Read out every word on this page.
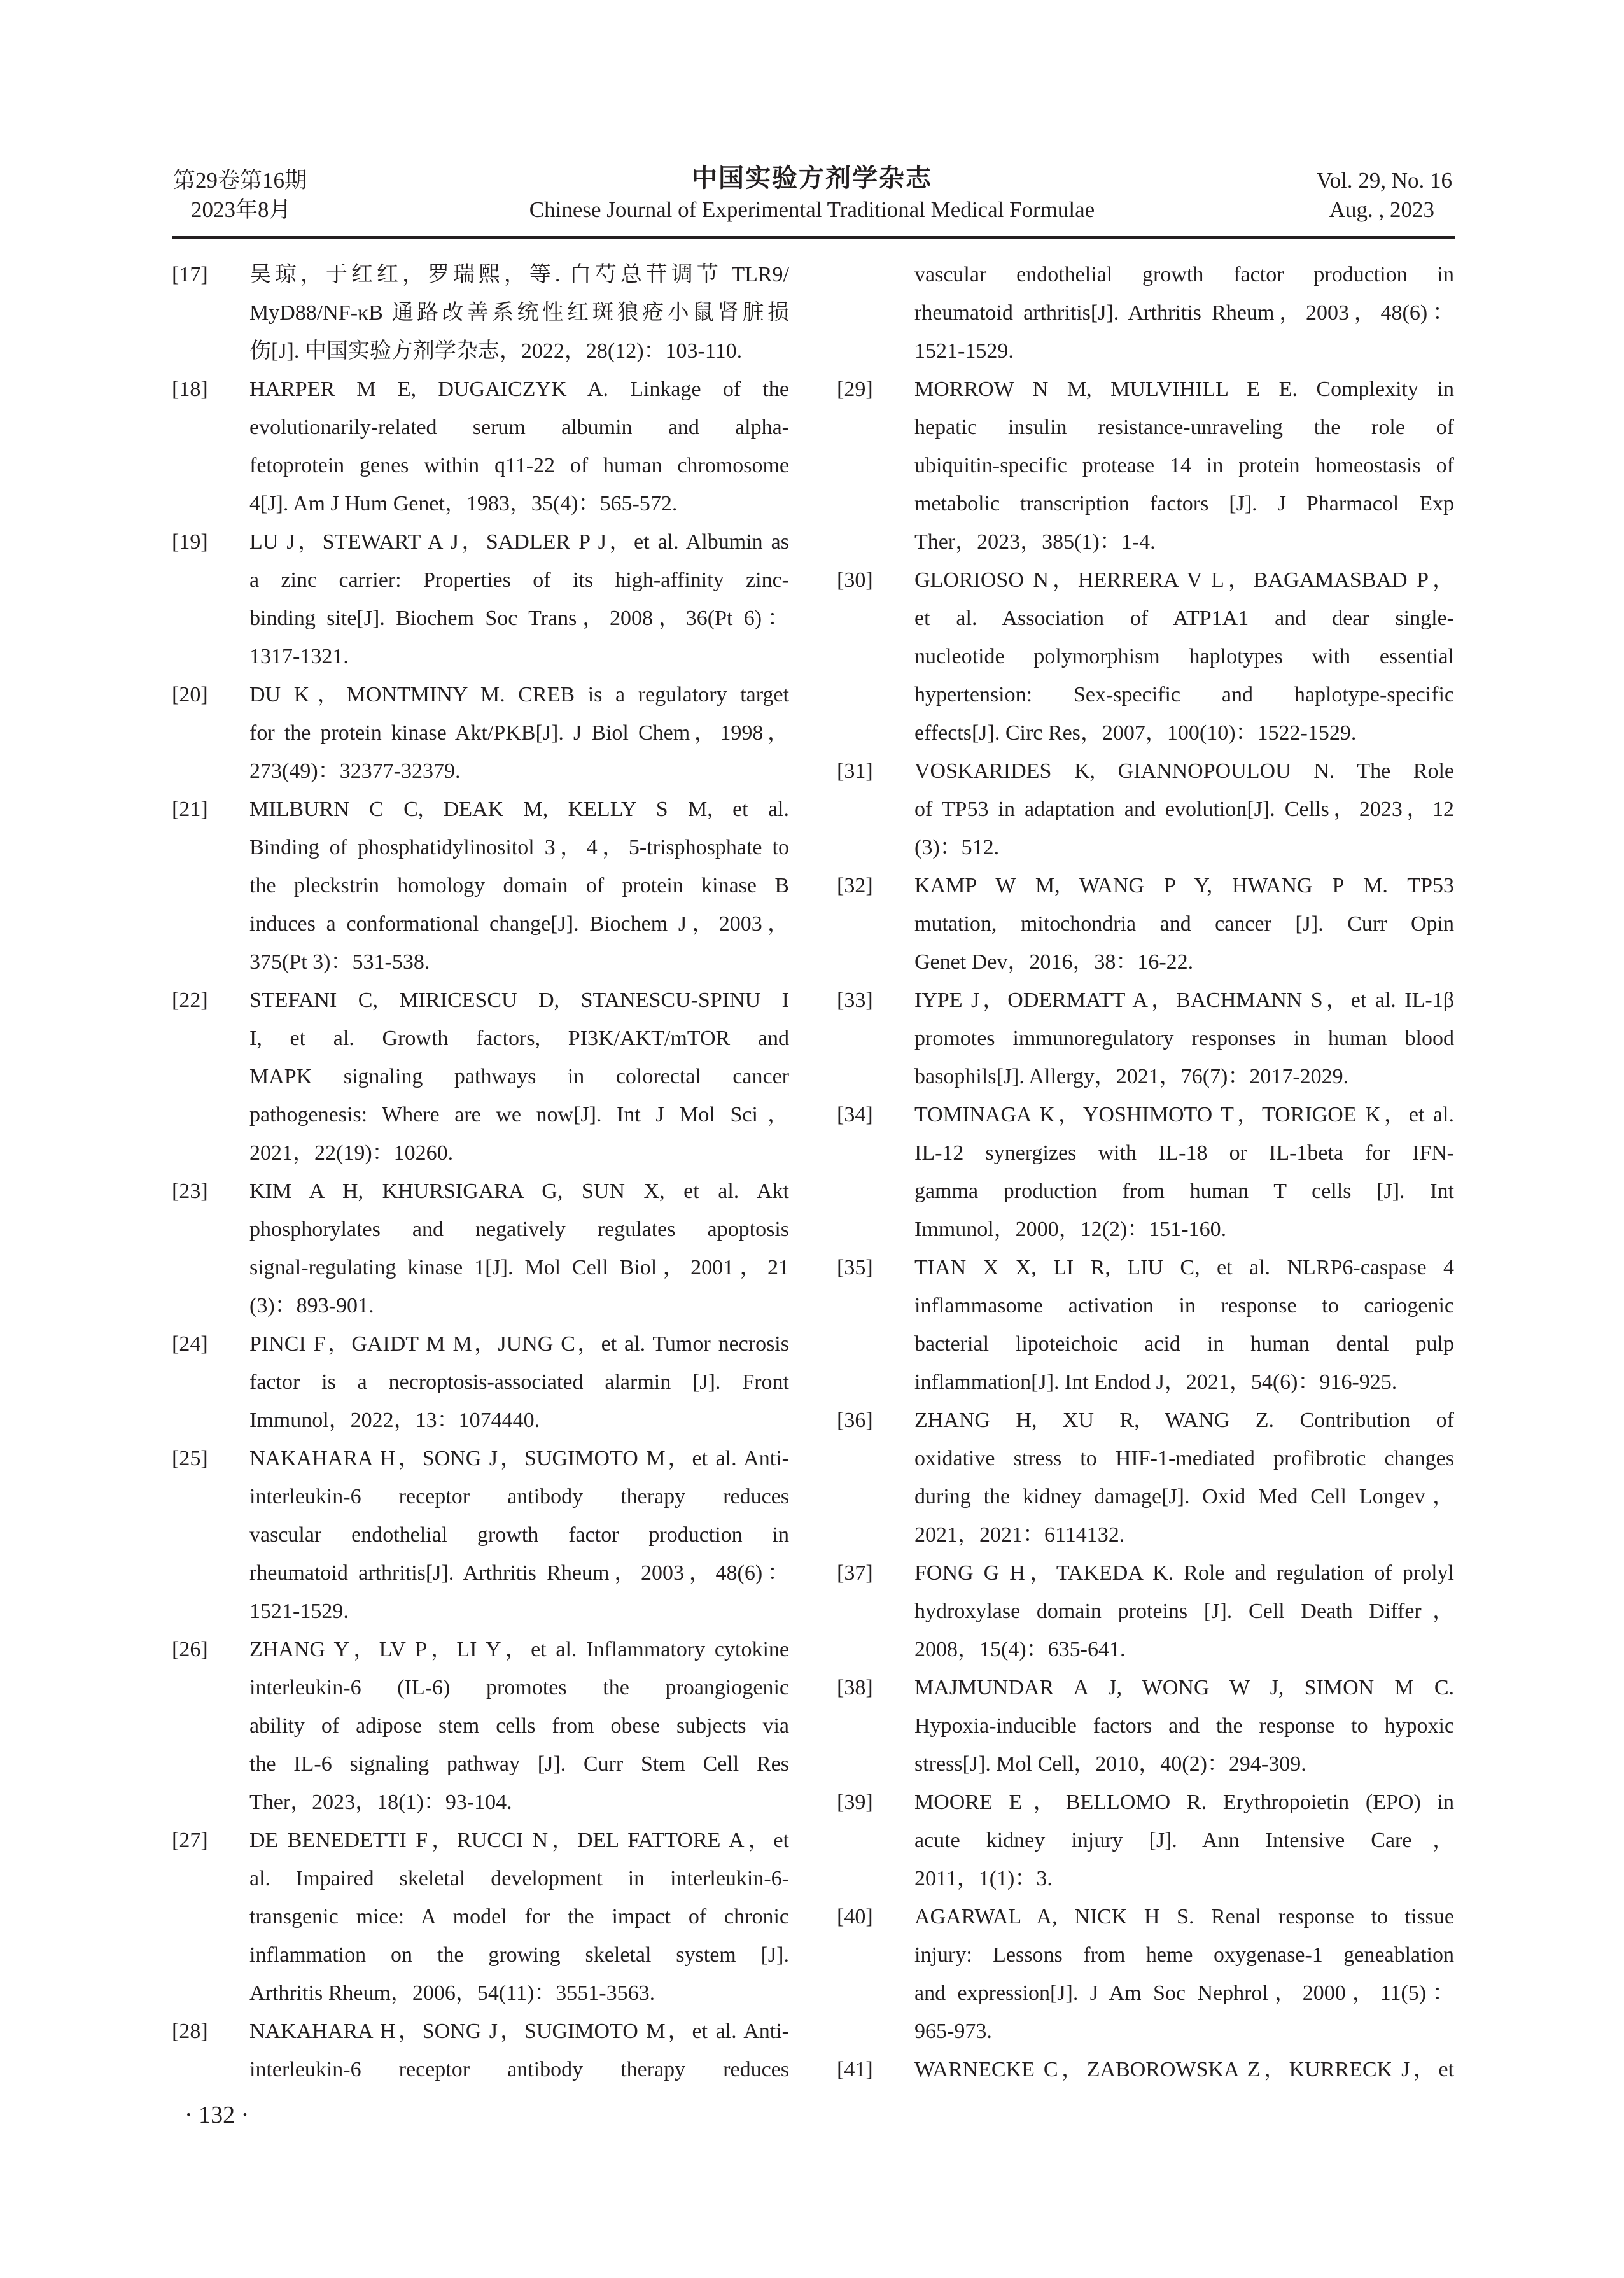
第29卷第16期
2023年8月
中国实验方剂学杂志
Chinese Journal of Experimental Traditional Medical Formulae
Vol. 29, No. 16
Aug. , 2023
[17]	吴琼，于红红，罗瑞熙，等. 白芍总苷调节 TLR9/
MyD88/NF-κB 通路改善系统性红斑狼疮小鼠肾脏损
伤[J]. 中国实验方剂学杂志，2022，28(12)：103-110.
[18]	HARPER M E, DUGAICZYK A. Linkage of the
evolutionarily-related serum albumin and alpha-
fetoprotein genes within q11-22 of human chromosome
4[J]. Am J Hum Genet，1983，35(4)：565-572.
[19]	LU J，STEWART A J，SADLER P J，et al. Albumin as
a zinc carrier: Properties of its high-affinity zinc-
binding site[J]. Biochem Soc Trans，2008，36(Pt 6)：
1317-1321.
[20]	DU K，MONTMINY M. CREB is a regulatory target
for the protein kinase Akt/PKB[J]. J Biol Chem，1998，
273(49)：32377-32379.
[21]	MILBURN C C, DEAK M, KELLY S M, et al.
Binding of phosphatidylinositol 3，4，5-trisphosphate to
the pleckstrin homology domain of protein kinase B
induces a conformational change[J]. Biochem J，2003，
375(Pt 3)：531-538.
[22]	STEFANI C, MIRICESCU D, STANESCU-SPINU I
I, et al. Growth factors, PI3K/AKT/mTOR and
MAPK signaling pathways in colorectal cancer
pathogenesis: Where are we now[J]. Int J Mol Sci，
2021，22(19)：10260.
[23]	KIM A H, KHURSIGARA G, SUN X, et al. Akt
phosphorylates and negatively regulates apoptosis
signal-regulating kinase 1[J]. Mol Cell Biol，2001，21
(3)：893-901.
[24]	PINCI F，GAIDT M M，JUNG C，et al. Tumor necrosis
factor is a necroptosis-associated alarmin [J]. Front
Immunol，2022，13：1074440.
[25]	NAKAHARA H，SONG J，SUGIMOTO M，et al. Anti-
interleukin-6 receptor antibody therapy reduces
vascular endothelial growth factor production in
rheumatoid arthritis[J]. Arthritis Rheum，2003，48(6)：
1521-1529.
[26]	ZHANG Y，LV P，LI Y，et al. Inflammatory cytokine
interleukin-6 (IL-6) promotes the proangiogenic
ability of adipose stem cells from obese subjects via
the IL-6 signaling pathway [J]. Curr Stem Cell Res
Ther，2023，18(1)：93-104.
[27]	DE BENEDETTI F，RUCCI N，DEL FATTORE A，et
al. Impaired skeletal development in interleukin-6-
transgenic mice: A model for the impact of chronic
inflammation on the growing skeletal system [J].
Arthritis Rheum，2006，54(11)：3551-3563.
[28]	NAKAHARA H，SONG J，SUGIMOTO M，et al. Anti-
interleukin-6 receptor antibody therapy reduces
vascular endothelial growth factor production in
rheumatoid arthritis[J]. Arthritis Rheum，2003，48(6)：
1521-1529.
[29]	MORROW N M, MULVIHILL E E. Complexity in
hepatic insulin resistance-unraveling the role of
ubiquitin-specific protease 14 in protein homeostasis of
metabolic transcription factors [J]. J Pharmacol Exp
Ther，2023，385(1)：1-4.
[30]	GLORIOSO N，HERRERA V L，BAGAMASBAD P，
et al. Association of ATP1A1 and dear single-
nucleotide polymorphism haplotypes with essential
hypertension: Sex-specific and haplotype-specific
effects[J]. Circ Res，2007，100(10)：1522-1529.
[31]	VOSKARIDES K, GIANNOPOULOU N. The Role
of TP53 in adaptation and evolution[J]. Cells，2023，12
(3)：512.
[32]	KAMP W M, WANG P Y, HWANG P M. TP53
mutation, mitochondria and cancer [J]. Curr Opin
Genet Dev，2016，38：16-22.
[33]	IYPE J，ODERMATT A，BACHMANN S，et al. IL-1β
promotes immunoregulatory responses in human blood
basophils[J]. Allergy，2021，76(7)：2017-2029.
[34]	TOMINAGA K，YOSHIMOTO T，TORIGOE K，et al.
IL-12 synergizes with IL-18 or IL-1beta for IFN-
gamma production from human T cells [J]. Int
Immunol，2000，12(2)：151-160.
[35]	TIAN X X, LI R, LIU C, et al. NLRP6-caspase 4
inflammasome activation in response to cariogenic
bacterial lipoteichoic acid in human dental pulp
inflammation[J]. Int Endod J，2021，54(6)：916-925.
[36]	ZHANG H, XU R, WANG Z. Contribution of
oxidative stress to HIF-1-mediated profibrotic changes
during the kidney damage[J]. Oxid Med Cell Longev，
2021，2021：6114132.
[37]	FONG G H，TAKEDA K. Role and regulation of prolyl
hydroxylase domain proteins [J]. Cell Death Differ，
2008，15(4)：635-641.
[38]	MAJMUNDAR A J, WONG W J, SIMON M C.
Hypoxia-inducible factors and the response to hypoxic
stress[J]. Mol Cell，2010，40(2)：294-309.
[39]	MOORE E，BELLOMO R. Erythropoietin (EPO) in
acute kidney injury [J]. Ann Intensive Care，
2011，1(1)：3.
[40]	AGARWAL A, NICK H S. Renal response to tissue
injury: Lessons from heme oxygenase-1 geneablation
and expression[J]. J Am Soc Nephrol，2000，11(5)：
965-973.
[41]	WARNECKE C，ZABOROWSKA Z，KURRECK J，et
· 132 ·
